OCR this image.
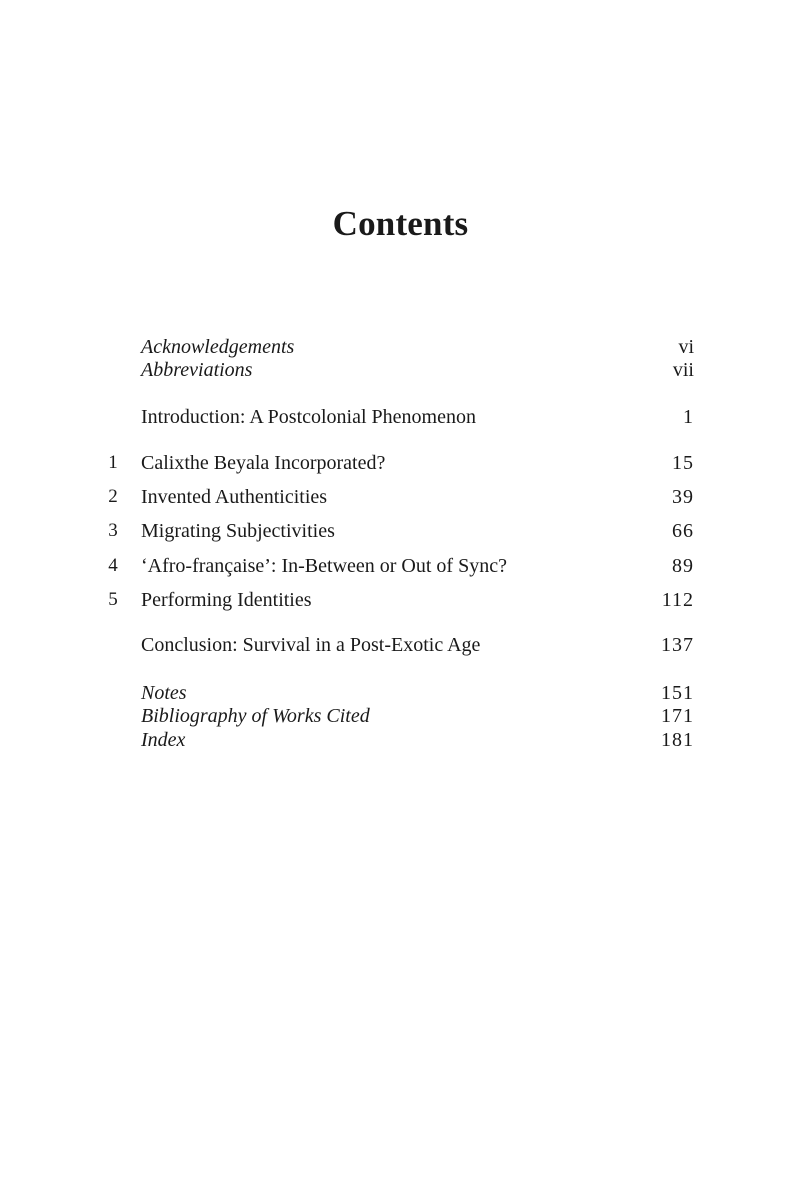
Contents
Acknowledgements	vi
Abbreviations	vii
Introduction: A Postcolonial Phenomenon	1
1	Calixthe Beyala Incorporated?	15
2	Invented Authenticities	39
3	Migrating Subjectivities	66
4	‘Afro-française’: In-Between or Out of Sync?	89
5	Performing Identities	112
Conclusion: Survival in a Post-Exotic Age	137
Notes	151
Bibliography of Works Cited	171
Index	181
